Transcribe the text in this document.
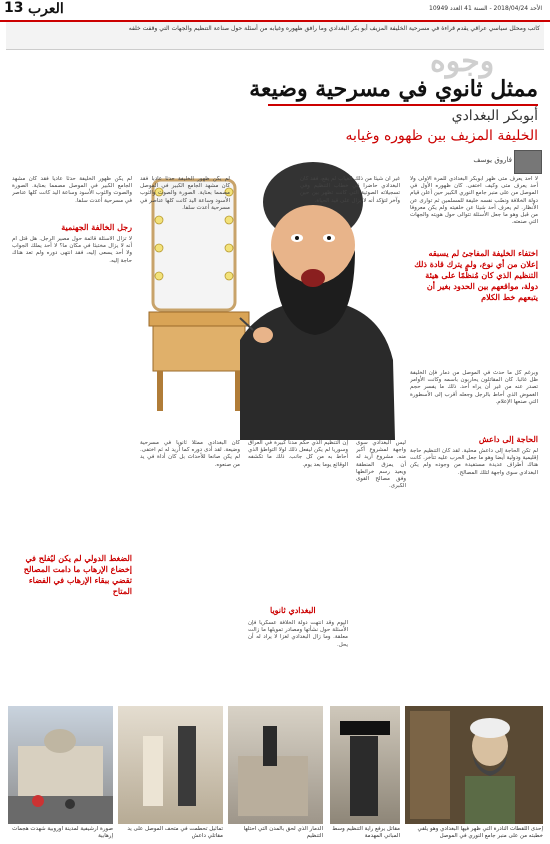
13 العرب	الأحد 2018/04/24 - السنة 41 العدد 10949
كاتب ومحلل سياسي عراقي يقدم قراءة في مسرحية الخليفة المزيف أبو بكر البغدادي وما رافق ظهوره وغيابه من أسئلة حول صناعة التنظيم والجهات التي وقفت خلفه
وجوه
ممثل ثانوي في مسرحية وضيعة
أبوبكر البغدادي
الخليفة المزيف بين ظهوره وغيابه
فاروق يوسف
لا أحد يعرف متى ظهر أبوبكر البغدادي للمرة الأولى ولا أحد يعرف متى وكيف اختفى. كان ظهوره الأول في الموصل من على منبر جامع النوري الكبير حين أعلن قيام دولة الخلافة ونصّب نفسه خليفة للمسلمين ثم توارى عن الأنظار. لم يعرف أحد شيئا عن خلفيته ولم يكن معروفا من قبل وهو ما جعل الأسئلة تتوالى حول هويته والجهات التي صنعته.
اختفاء الخليفة المفاجئ لم يسبقه إعلان من أي نوع، ولم يترك قادة ذلك التنظيم الذي كان مُنظَّمًا على هيئة دولة، مواقعهم بين الحدود بغير أن يتبعهم خط الكلام
وبرغم كل ما حدث في الموصل من دمار فإن الخليفة ظل غائبا. كان المقاتلون يحاربون باسمه وكانت الأوامر تصدر عنه من غير أن يراه أحد. ذلك ما يفسر حجم الغموض الذي أحاط بالرجل وجعله أقرب إلى الأسطورة التي صنعها الإعلام.
الحاجة إلى داعش
لم تكن الحاجة إلى داعش محلية. لقد كان التنظيم حاجة إقليمية ودولية أيضا وهو ما جعل الحرب عليه تتأخر. كانت هناك أطراف عديدة مستفيدة من وجوده ولم يكن البغدادي سوى واجهة لتلك المصالح.
غير أن شيئا من ذلك الغياب لم يقع، فقد كان البغدادي حاضرا في خطاب التنظيم وفي تسجيلاته الصوتية التي كانت تظهر بين حين وآخر لتؤكد أنه لا يزال على قيد الحياة.
لم يكن ظهور الخليفة حدثا عاديا فقد كان مشهد الجامع الكبير في الموصل مصمما بعناية. الصورة والصوت والثوب الأسود وساعة اليد كانت كلها عناصر في مسرحية أعدت سلفا.
لم يكن ظهور الخليفة حدثا عاديا فقد كان مشهد الجامع الكبير في الموصل مصمما بعناية. الصورة والصوت والثوب الأسود وساعة اليد كانت كلها عناصر في مسرحية أعدت سلفا.
رجل الخالفة الجهنمية
لا تزال الأسئلة قائمة حول مصير الرجل. هل قتل أم أنه لا يزال مختبئا في مكان ما؟ لا أحد يملك الجواب ولا أحد يسعى إليه، فقد انتهى دوره ولم تعد هناك حاجة إليه.
الضغط الدولي لم يكن ليُفلح في إخضاع الإرهاب ما دامت المصالح تقضي ببقاء الإرهاب في الفضاء المتاح
كان البغدادي ممثلا ثانويا في مسرحية وضيعة. لقد أدى دوره كما أريد له ثم اختفى. لم يكن صانعا للأحداث بل كان أداة في يد من صنعوه.
إن التنظيم الذي حكم مدنا كبيرة في العراق وسوريا لم يكن ليفعل ذلك لولا التواطؤ الذي أحاط به من كل جانب. ذلك ما تكشفه الوقائع يوما بعد يوم.
البغدادي ثانويا
اليوم وقد انتهت دولة الخلافة عسكريا فإن الأسئلة حول نشأتها ومصادر تمويلها ما زالت معلقة. وما زال البغدادي لغزا لا يراد له أن يحل.
ليس البغدادي سوى واجهة لمشروع أكبر منه. مشروع أريد له أن يمزق المنطقة ويعيد رسم خرائطها وفق مصالح القوى الكبرى.
صورة أرشيفية لمدينة أوروبية شهدت هجمات إرهابية
تماثيل تحطمت في متحف الموصل على يد مقاتلي داعش
الدمار الذي لحق بالمدن التي احتلها التنظيم
مقاتل يرفع راية التنظيم وسط المباني المهدمة
إحدى اللقطات النادرة التي ظهر فيها البغدادي وهو يلقي خطبته من على منبر جامع النوري في الموصل
